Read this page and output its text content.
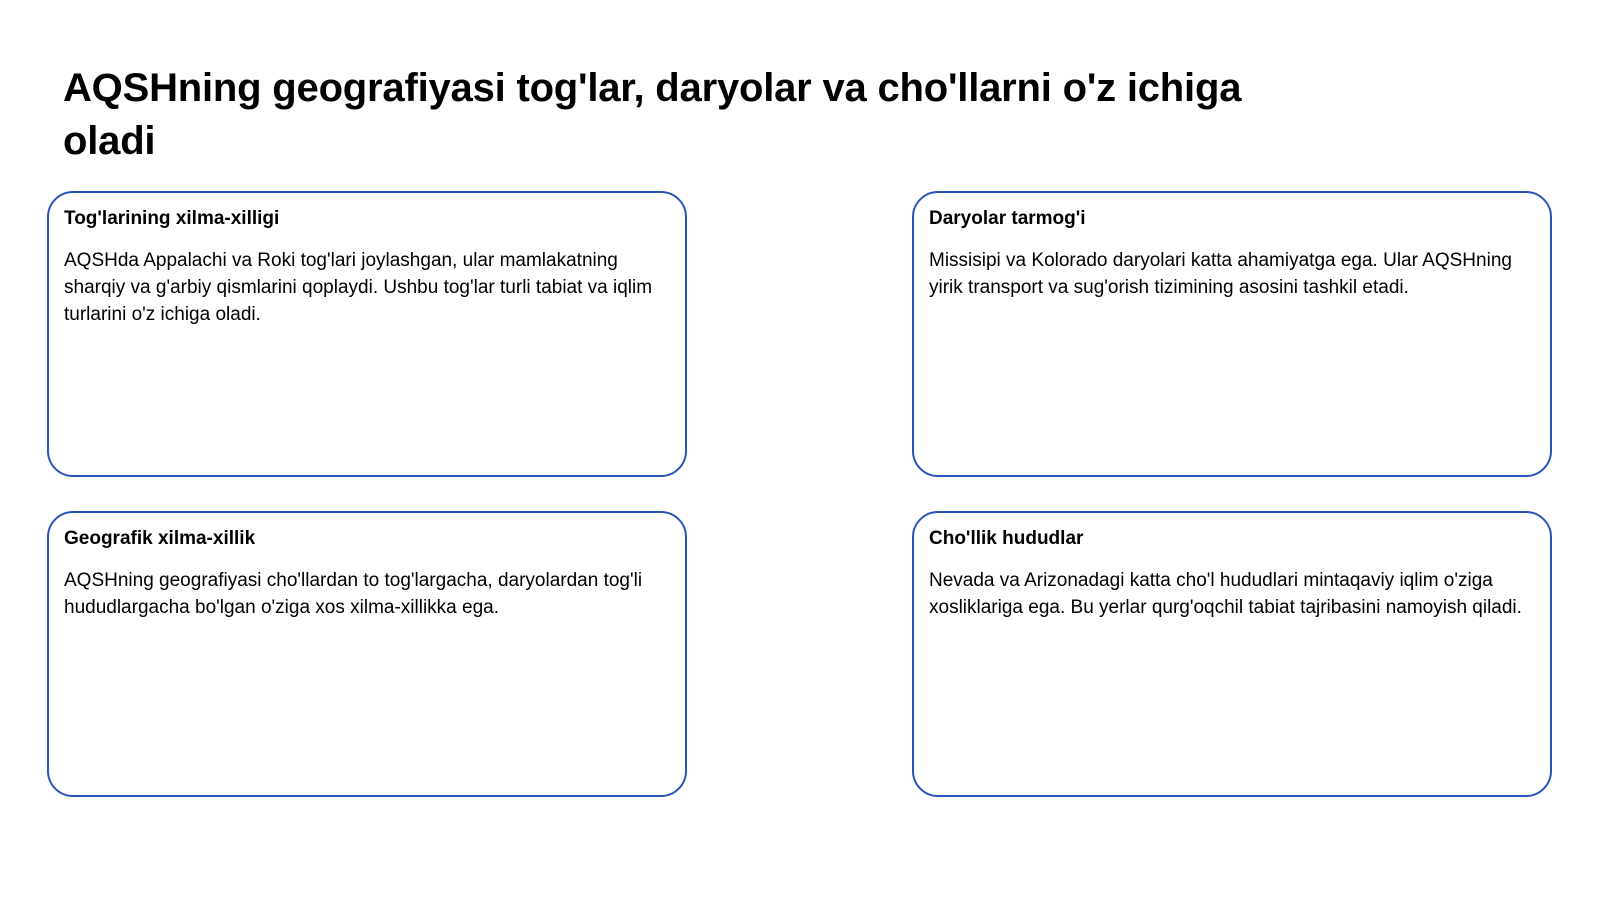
AQSHning geografiyasi tog'lar, daryolar va cho'llarni o'z ichiga oladi
Tog'larining xilma-xilligi

AQSHda Appalachi va Roki tog'lari joylashgan, ular mamlakatning sharqiy va g'arbiy qismlarini qoplaydi. Ushbu tog'lar turli tabiat va iqlim turlarini o'z ichiga oladi.

Daryolar tarmog'i

Missisipi va Kolorado daryolari katta ahamiyatga ega. Ular AQSHning yirik transport va sug'orish tizimining asosini tashkil etadi.

Geografik xilma-xillik

AQSHning geografiyasi cho'llardan to tog'largacha, daryolardan tog'li hududlargacha bo'lgan o'ziga xos xilma-xillikka ega.

Cho'llik hududlar

Nevada va Arizonadagi katta cho'l hududlari mintaqaviy iqlim o'ziga xosliklariga ega. Bu yerlar qurg'oqchil tabiat tajribasini namoyish qiladi.
